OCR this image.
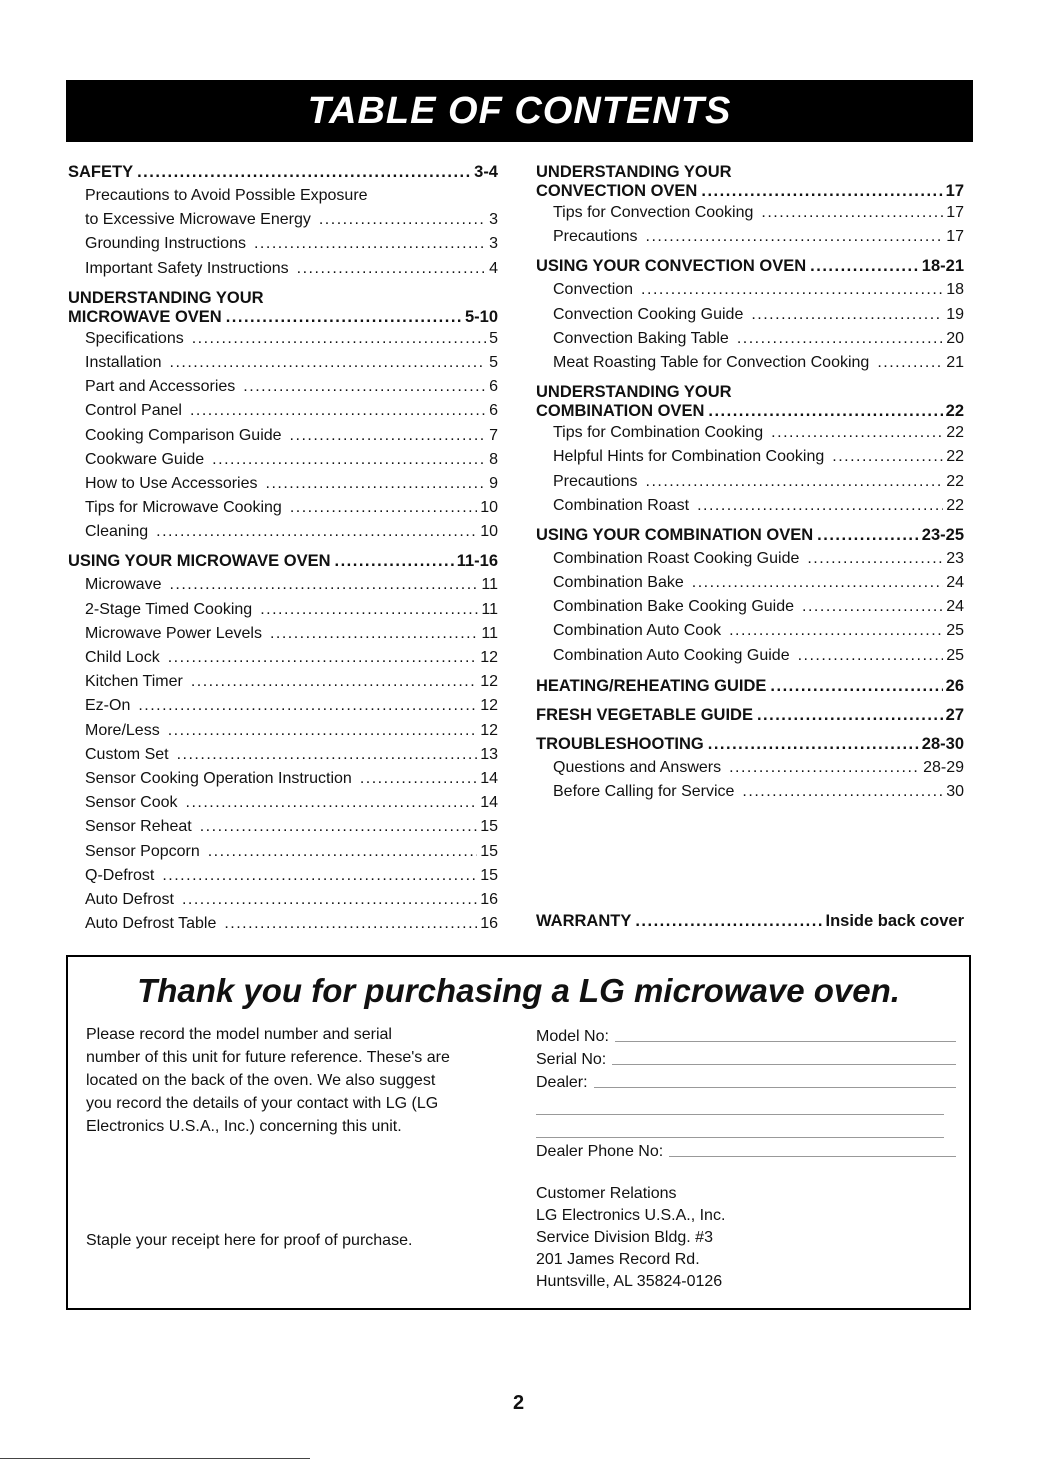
TABLE OF CONTENTS
SAFETY .....	3-4
Precautions to Avoid Possible Exposure
to Excessive Microwave Energy .....	3
Grounding Instructions .....	3
Important Safety Instructions .....	4
UNDERSTANDING YOUR
MICROWAVE OVEN .....	5-10
Specifications .....	5
Installation .....	5
Part and Accessories .....	6
Control Panel .....	6
Cooking Comparison Guide .....	7
Cookware Guide .....	8
How to Use Accessories .....	9
Tips for Microwave Cooking .....	10
Cleaning .....	10
USING YOUR MICROWAVE OVEN .....	11-16
Microwave .....	11
2-Stage Timed Cooking .....	11
Microwave Power Levels .....	11
Child Lock .....	12
Kitchen Timer .....	12
Ez-On .....	12
More/Less .....	12
Custom Set .....	13
Sensor Cooking Operation Instruction .....	14
Sensor Cook .....	14
Sensor Reheat .....	15
Sensor Popcorn .....	15
Q-Defrost .....	15
Auto Defrost .....	16
Auto Defrost Table .....	16
UNDERSTANDING YOUR
CONVECTION OVEN .....	17
Tips for Convection Cooking .....	17
Precautions .....	17
USING YOUR CONVECTION OVEN .....	18-21
Convection .....	18
Convection Cooking Guide .....	19
Convection Baking Table .....	20
Meat Roasting Table for Convection Cooking .....	21
UNDERSTANDING YOUR
COMBINATION OVEN .....	22
Tips for Combination Cooking .....	22
Helpful Hints for Combination Cooking .....	22
Precautions .....	22
Combination Roast .....	22
USING YOUR COMBINATION OVEN .....	23-25
Combination Roast Cooking Guide .....	23
Combination Bake .....	24
Combination Bake Cooking Guide .....	24
Combination Auto Cook .....	25
Combination Auto Cooking Guide .....	25
HEATING/REHEATING GUIDE .....	26
FRESH VEGETABLE GUIDE .....	27
TROUBLESHOOTING .....	28-30
Questions and Answers .....	28-29
Before Calling for Service .....	30
WARRANTY .....	Inside back cover
Thank you for purchasing a LG microwave oven.
Please record the model number and serial
number of this unit for future reference. These's are
located on the back of the oven. We also suggest
you record the details of your contact with LG (LG
Electronics U.S.A., Inc.) concerning this unit.
Staple your receipt here for proof of purchase.
Model No:
Serial No:
Dealer:
Dealer Phone No:
Customer Relations
LG Electronics U.S.A., Inc.
Service Division Bldg. #3
201 James Record Rd.
Huntsville, AL 35824-0126
2
